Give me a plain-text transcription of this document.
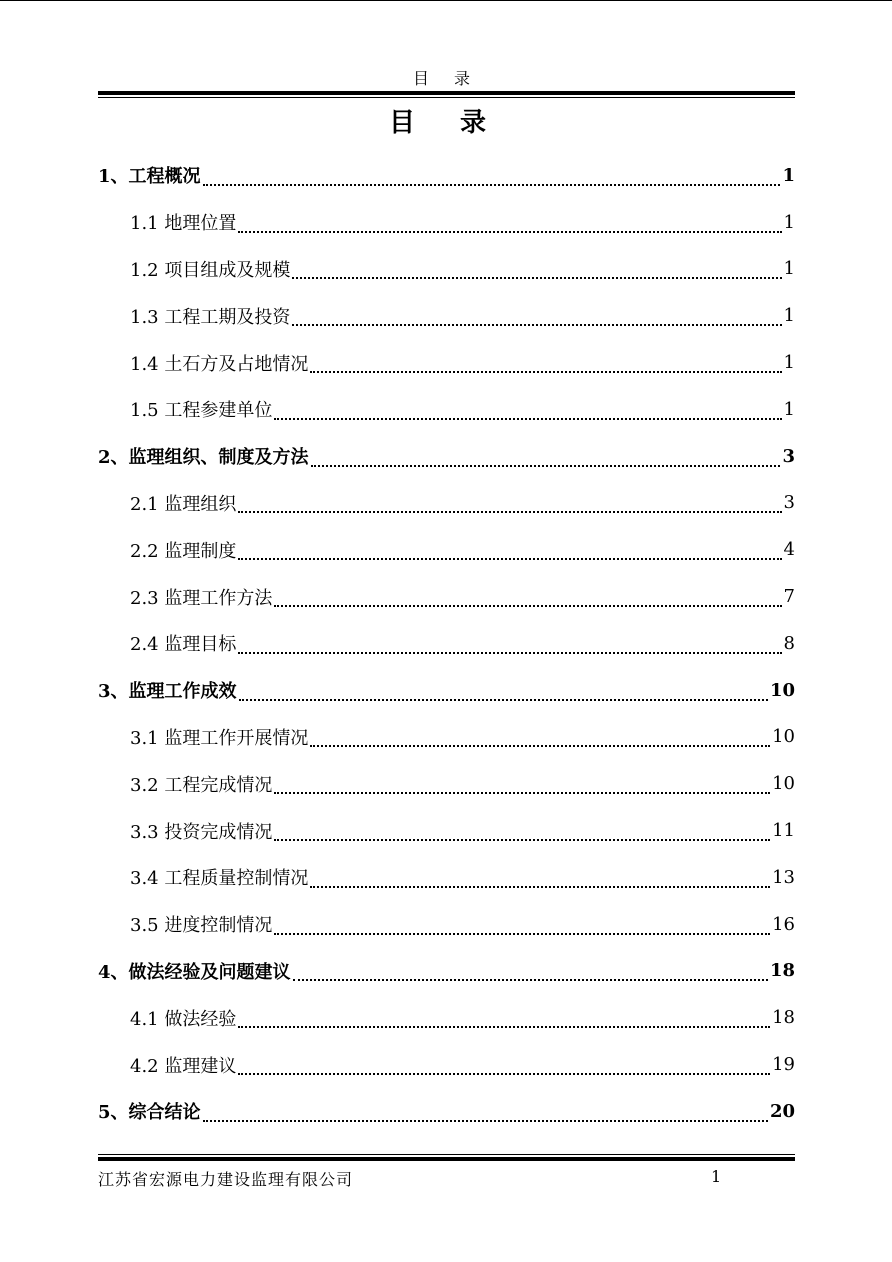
目 录
目 录
1、工程概况	1
1.1 地理位置	1
1.2 项目组成及规模	1
1.3 工程工期及投资	1
1.4 土石方及占地情况	1
1.5 工程参建单位	1
2、监理组织、制度及方法	3
2.1 监理组织	3
2.2 监理制度	4
2.3 监理工作方法	7
2.4 监理目标	8
3、监理工作成效	10
3.1 监理工作开展情况	10
3.2 工程完成情况	10
3.3 投资完成情况	11
3.4 工程质量控制情况	13
3.5 进度控制情况	16
4、做法经验及问题建议	18
4.1 做法经验	18
4.2 监理建议	19
5、综合结论	20
江苏省宏源电力建设监理有限公司	1
